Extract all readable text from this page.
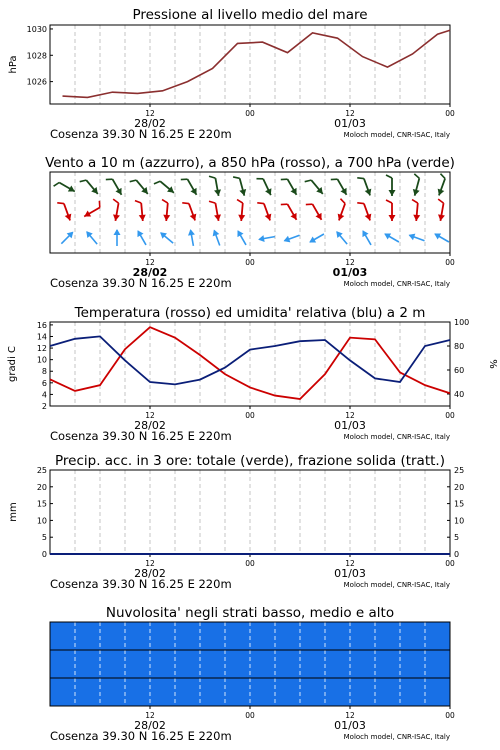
Pressione al livello medio del mare
12	00	12	00
28/02	01/03
Cosenza 39.30 N 16.25 E 220m	Moloch model, CNR-ISAC, Italy
1026
1028
1030
hPa
Vento a 10 m (azzurro), a 850 hPa (rosso), a 700 hPa (verde)
12	00	12	00
28/02	01/03
Cosenza 39.30 N 16.25 E 220m	Moloch model, CNR-ISAC, Italy
Temperatura (rosso) ed umidita' relativa (blu) a 2 m
12	00	12	00
28/02	01/03
Cosenza 39.30 N 16.25 E 220m	Moloch model, CNR-ISAC, Italy
2
4
6
8
10
12
14
16
40
60
80
100
gradi C	%
Precip. acc. in 3 ore: totale (verde), frazione solida (tratt.)
12	00	12	00
28/02	01/03
Cosenza 39.30 N 16.25 E 220m	Moloch model, CNR-ISAC, Italy
0
5
10
15
20
25
0
5
10
15
20
25
mm
Nuvolosita' negli strati basso, medio e alto
12	00	12	00
28/02	01/03
Cosenza 39.30 N 16.25 E 220m	Moloch model, CNR-ISAC, Italy
